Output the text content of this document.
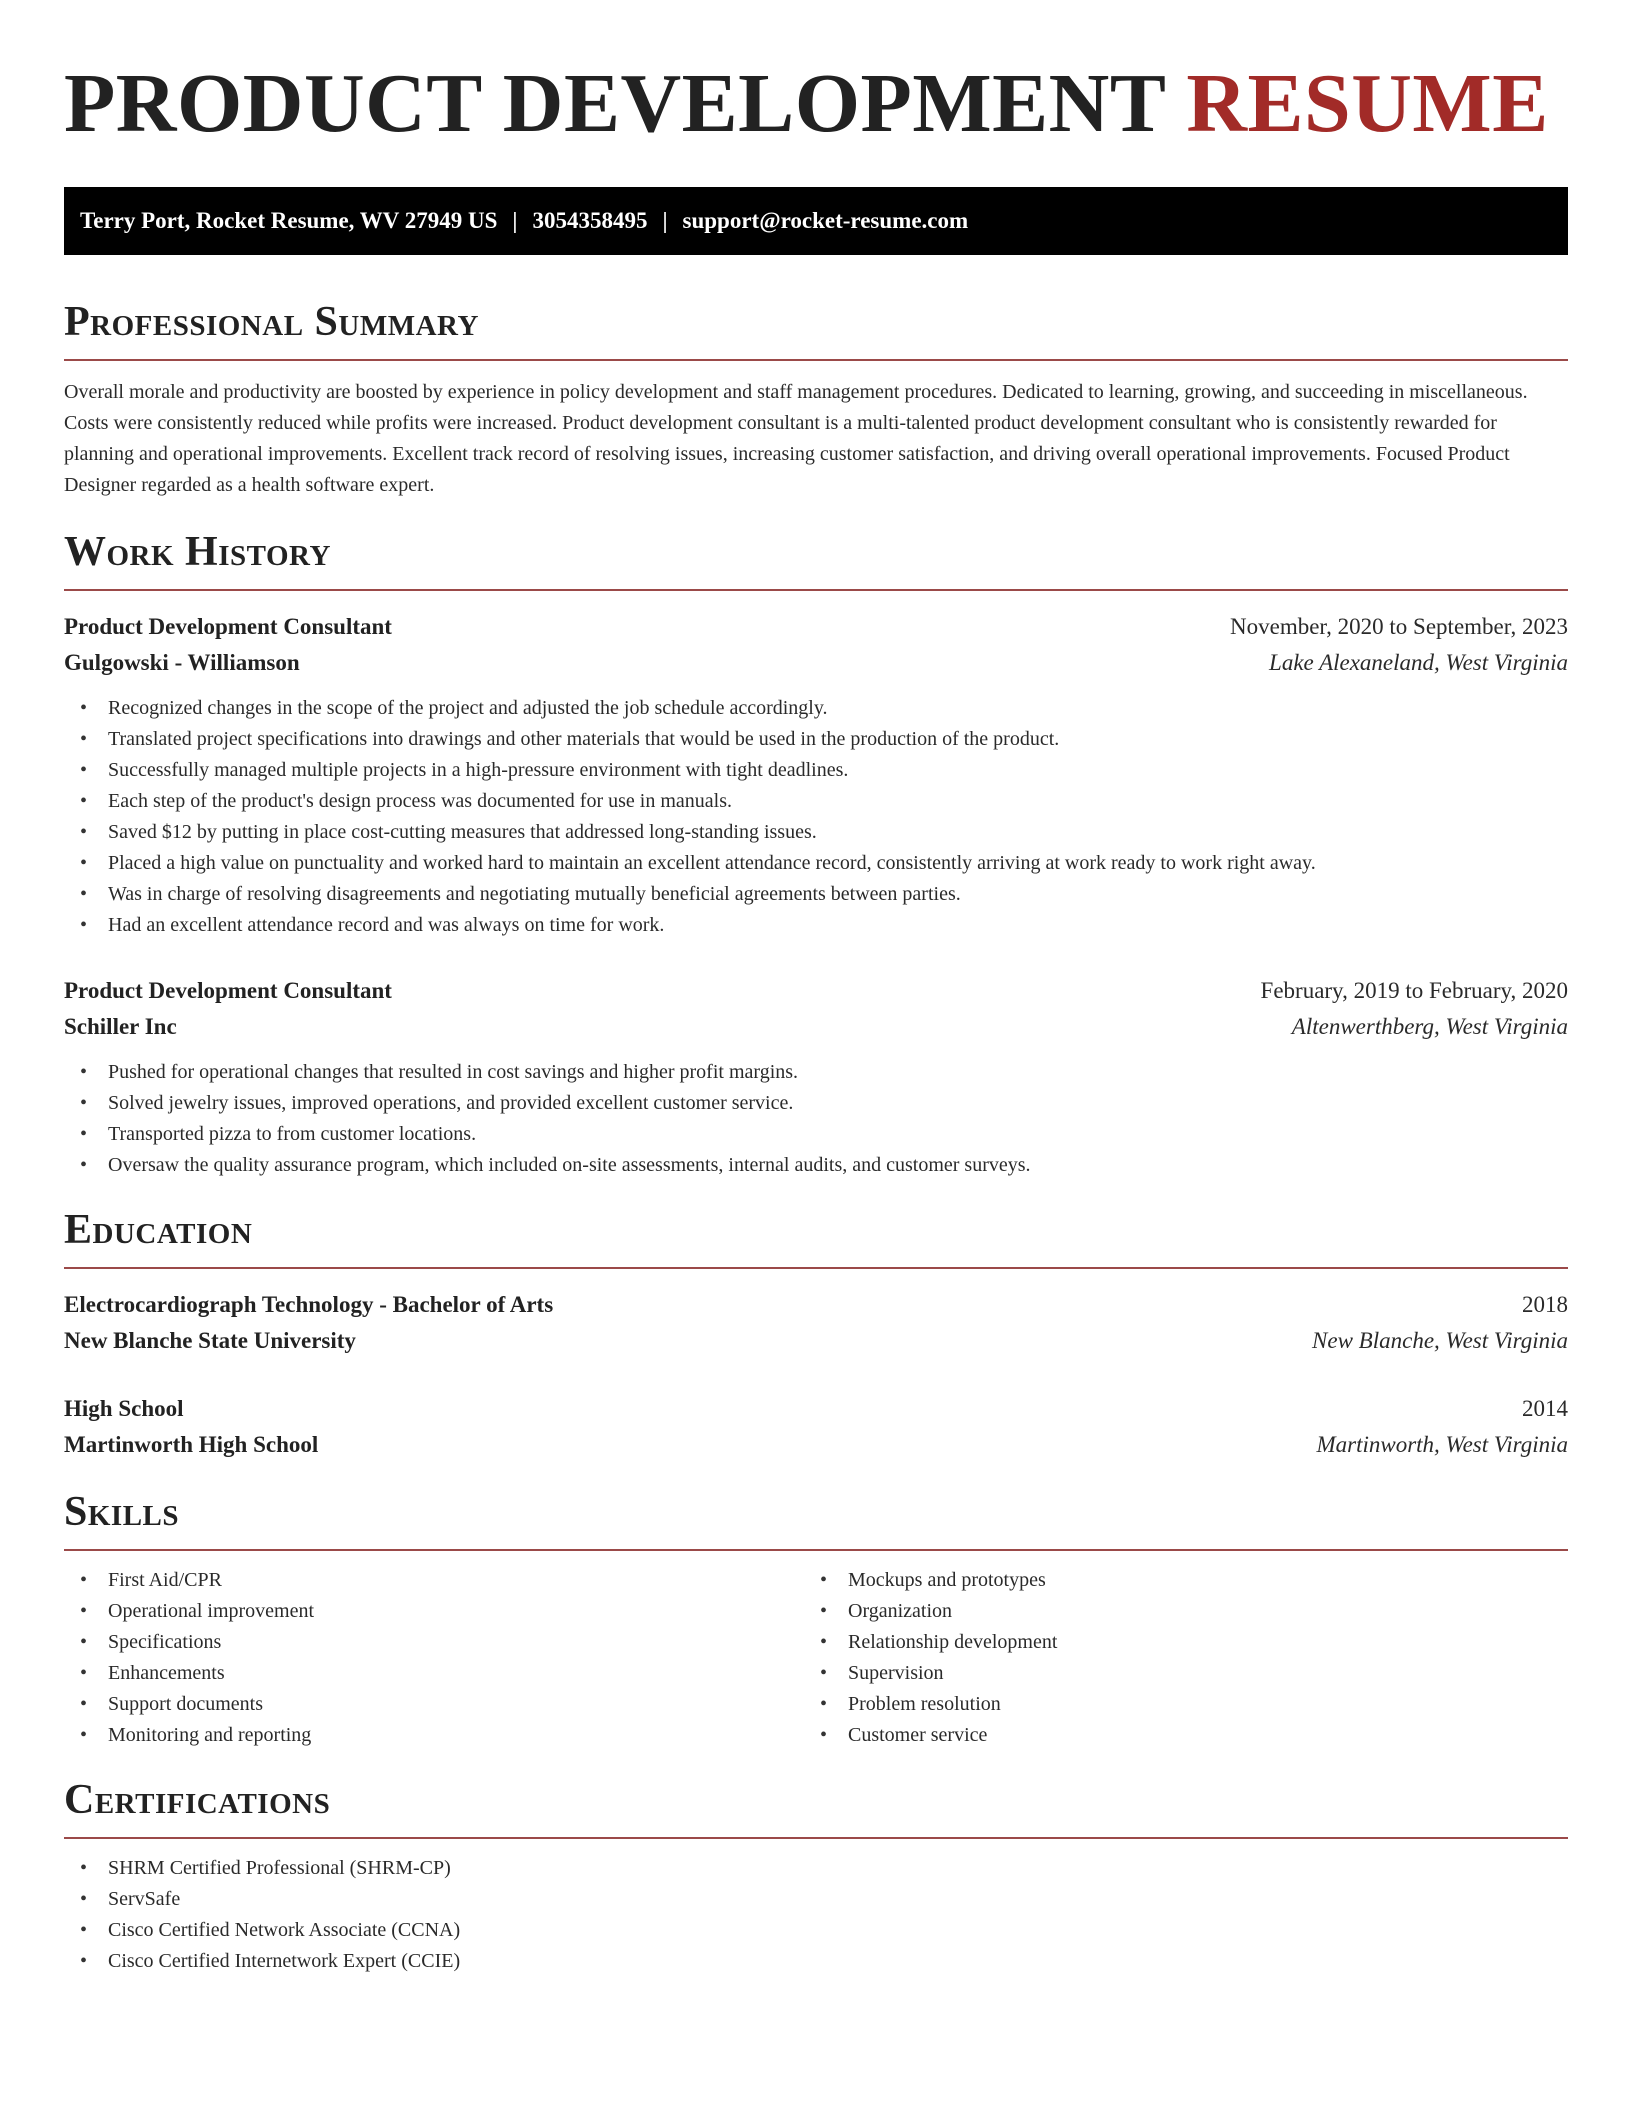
PRODUCT DEVELOPMENT RESUME
Terry Port, Rocket Resume, WV 27949 US | 3054358495 | support@rocket-resume.com
Professional Summary

Overall morale and productivity are boosted by experience in policy development and staff management procedures. Dedicated to learning, growing, and succeeding in miscellaneous. Costs were consistently reduced while profits were increased. Product development consultant is a multi-talented product development consultant who is consistently rewarded for planning and operational improvements. Excellent track record of resolving issues, increasing customer satisfaction, and driving overall operational improvements. Focused Product Designer regarded as a health software expert.

Work History
Product Development Consultant	November, 2020 to September, 2023
Gulgowski - Williamson	Lake Alexaneland, West Virginia
• Recognized changes in the scope of the project and adjusted the job schedule accordingly.
• Translated project specifications into drawings and other materials that would be used in the production of the product.
• Successfully managed multiple projects in a high-pressure environment with tight deadlines.
• Each step of the product's design process was documented for use in manuals.
• Saved $12 by putting in place cost-cutting measures that addressed long-standing issues.
• Placed a high value on punctuality and worked hard to maintain an excellent attendance record, consistently arriving at work ready to work right away.
• Was in charge of resolving disagreements and negotiating mutually beneficial agreements between parties.
• Had an excellent attendance record and was always on time for work.
Product Development Consultant	February, 2019 to February, 2020
Schiller Inc	Altenwerthberg, West Virginia
• Pushed for operational changes that resulted in cost savings and higher profit margins.
• Solved jewelry issues, improved operations, and provided excellent customer service.
• Transported pizza to from customer locations.
• Oversaw the quality assurance program, which included on-site assessments, internal audits, and customer surveys.
Education
Electrocardiograph Technology - Bachelor of Arts	2018
New Blanche State University	New Blanche, West Virginia
High School	2014
Martinworth High School	Martinworth, West Virginia
Skills
• First Aid/CPR
• Operational improvement
• Specifications
• Enhancements
• Support documents
• Monitoring and reporting
• Mockups and prototypes
• Organization
• Relationship development
• Supervision
• Problem resolution
• Customer service
Certifications
• SHRM Certified Professional (SHRM-CP)
• ServSafe
• Cisco Certified Network Associate (CCNA)
• Cisco Certified Internetwork Expert (CCIE)
